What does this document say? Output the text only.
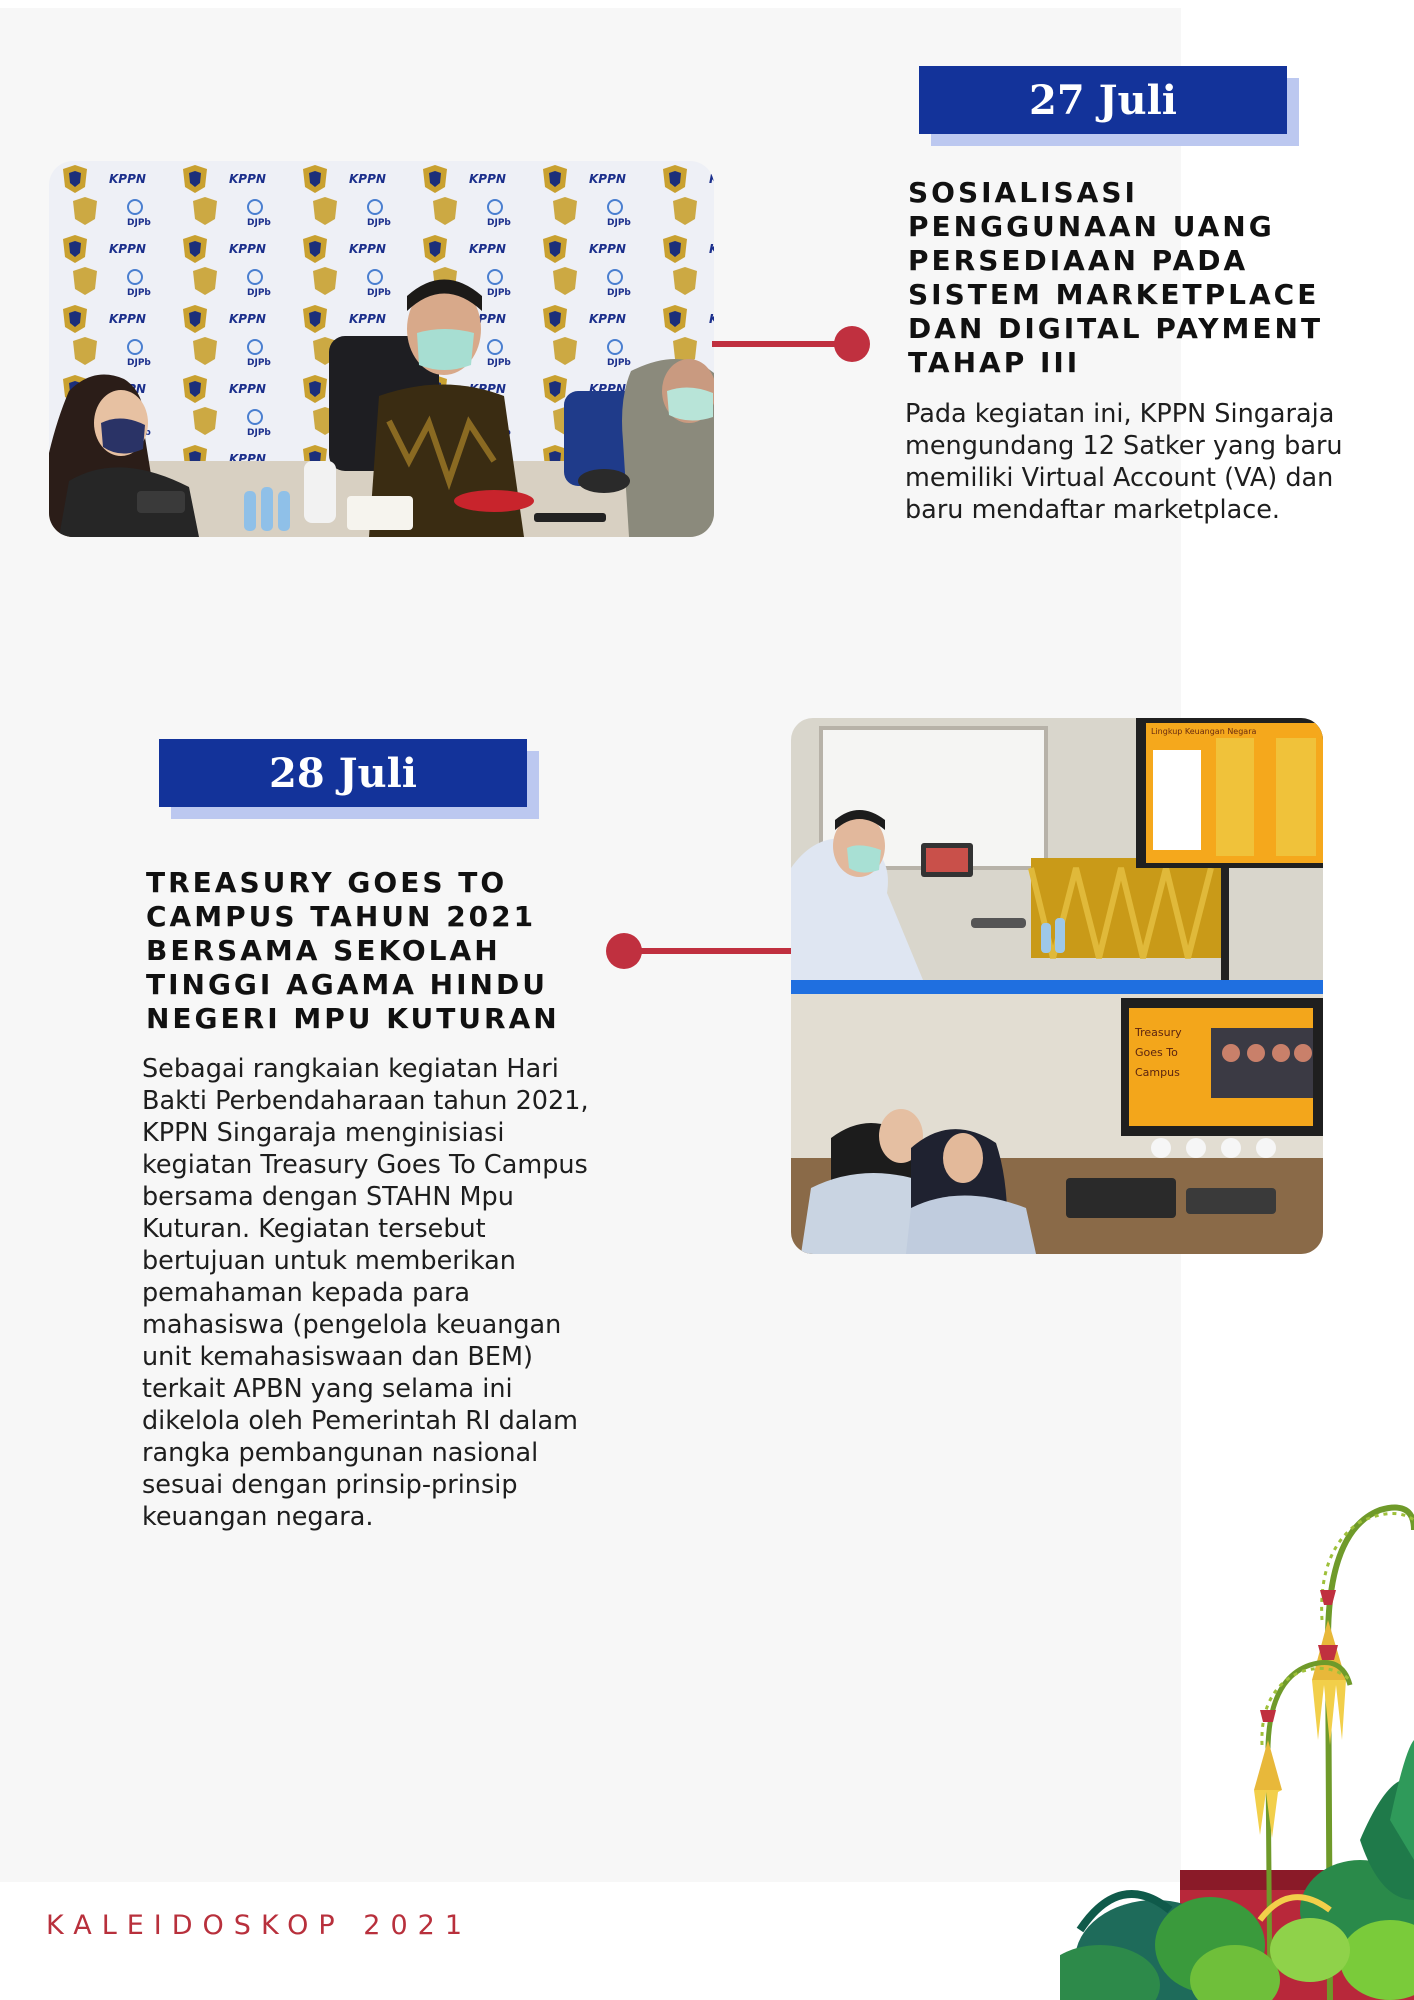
27 Juli
SOSIALISASI PENGGUNAAN UANG PERSEDIAAN PADA SISTEM MARKETPLACE DAN DIGITAL PAYMENT TAHAP III

Pada kegiatan ini, KPPN Singaraja mengundang 12 Satker yang baru memiliki Virtual Account (VA) dan baru mendaftar marketplace.

28 Juli
TREASURY GOES TO CAMPUS TAHUN 2021 BERSAMA SEKOLAH TINGGI AGAMA HINDU NEGERI MPU KUTURAN

Sebagai rangkaian kegiatan Hari Bakti Perbendaharaan tahun 2021, KPPN Singaraja menginisiasi kegiatan Treasury Goes To Campus bersama dengan STAHN Mpu Kuturan. Kegiatan tersebut bertujuan untuk memberikan pemahaman kepada para mahasiswa (pengelola keuangan unit kemahasiswaan dan BEM) terkait APBN yang selama ini dikelola oleh Pemerintah RI dalam rangka pembangunan nasional sesuai dengan prinsip-prinsip keuangan negara.

Lingkup Keuangan Negara
Treasury
Goes To
Campus
KALEIDOSKOP 2021
